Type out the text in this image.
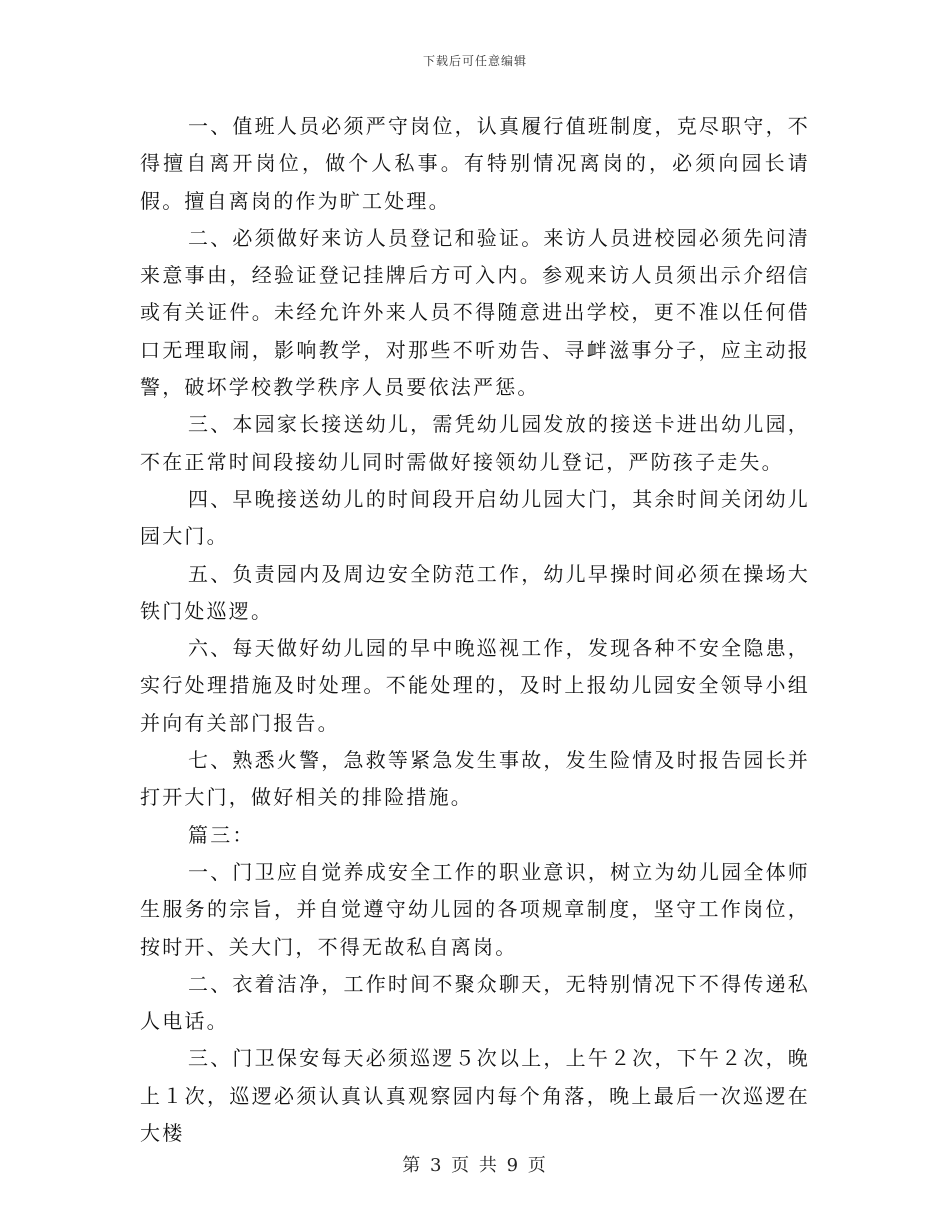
下载后可任意编辑

一、值班人员必须严守岗位，认真履行值班制度，克尽职守，不得擅自离开岗位，做个人私事。有特别情况离岗的，必须向园长请假。擅自离岗的作为旷工处理。

二、必须做好来访人员登记和验证。来访人员进校园必须先问清来意事由，经验证登记挂牌后方可入内。参观来访人员须出示介绍信或有关证件。未经允许外来人员不得随意进出学校，更不准以任何借口无理取闹，影响教学，对那些不听劝告、寻衅滋事分子，应主动报警，破坏学校教学秩序人员要依法严惩。

三、本园家长接送幼儿，需凭幼儿园发放的接送卡进出幼儿园，不在正常时间段接幼儿同时需做好接领幼儿登记，严防孩子走失。

四、早晚接送幼儿的时间段开启幼儿园大门，其余时间关闭幼儿园大门。

五、负责园内及周边安全防范工作，幼儿早操时间必须在操场大铁门处巡逻。

六、每天做好幼儿园的早中晚巡视工作，发现各种不安全隐患，实行处理措施及时处理。不能处理的，及时上报幼儿园安全领导小组并向有关部门报告。

七、熟悉火警，急救等紧急发生事故，发生险情及时报告园长并打开大门，做好相关的排险措施。

篇三：

一、门卫应自觉养成安全工作的职业意识，树立为幼儿园全体师生服务的宗旨，并自觉遵守幼儿园的各项规章制度，坚守工作岗位，按时开、关大门，不得无故私自离岗。

二、衣着洁净，工作时间不聚众聊天，无特别情况下不得传递私人电话。

三、门卫保安每天必须巡逻５次以上，上午２次，下午２次，晚上１次，巡逻必须认真认真观察园内每个角落，晚上最后一次巡逻在大楼

第 3 页 共 9 页
